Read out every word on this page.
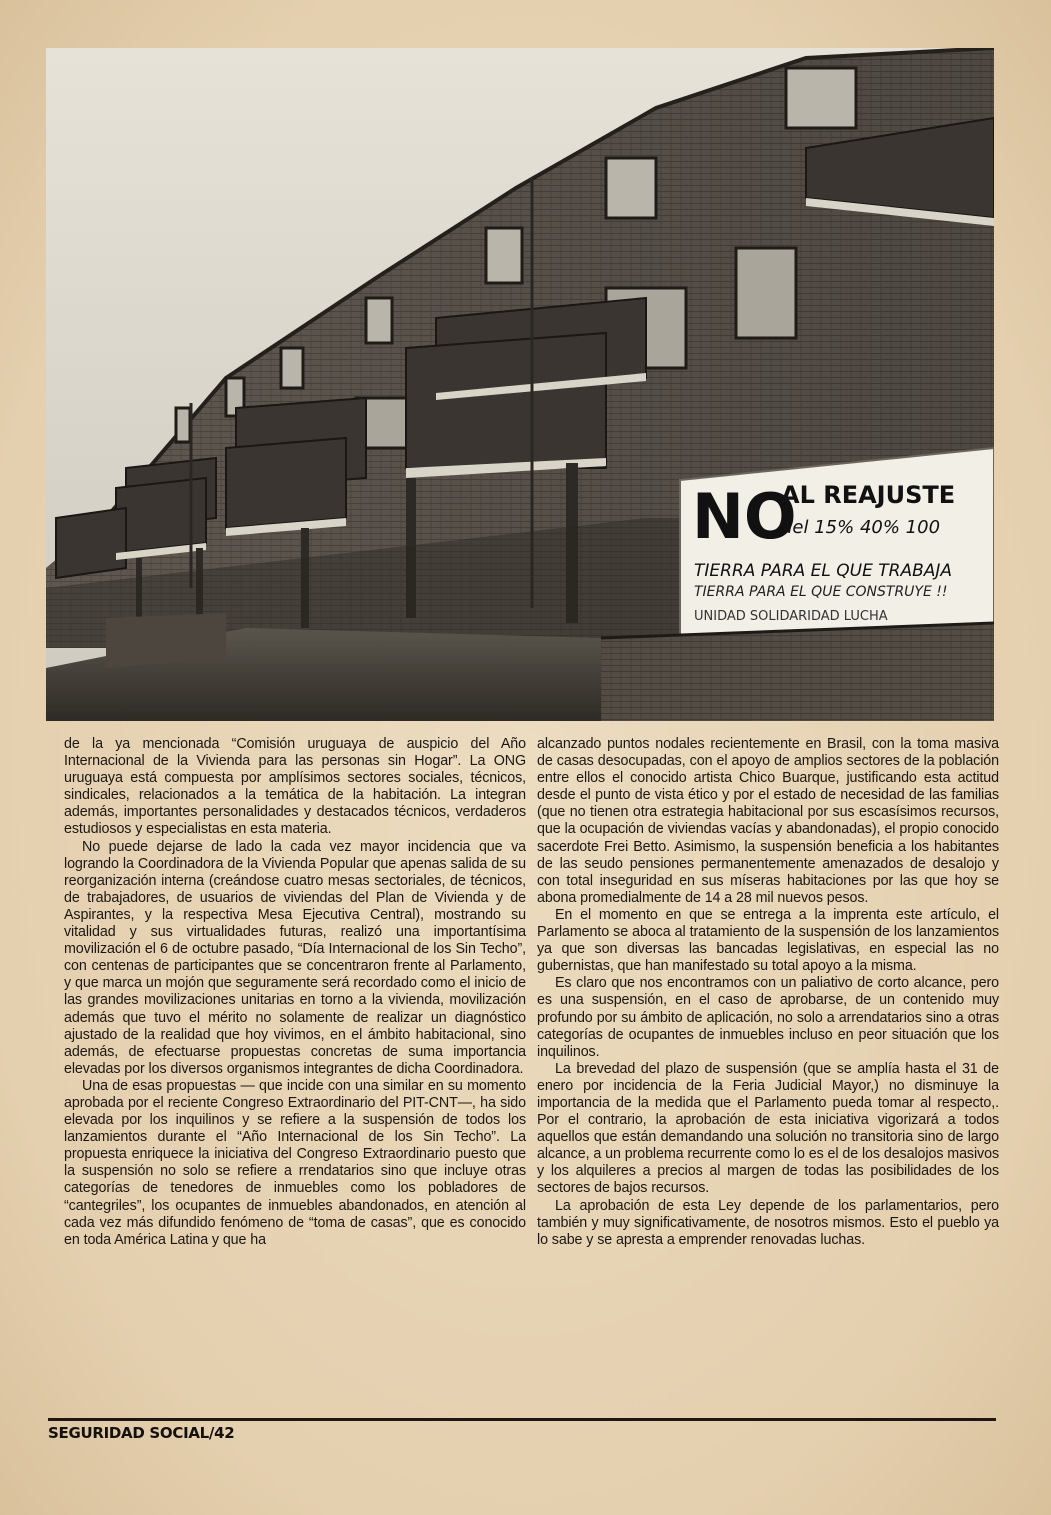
NO
AL REAJUSTE
del 15% 40% 100
TIERRA PARA EL QUE TRABAJA
TIERRA PARA EL QUE CONSTRUYE !!
UNIDAD SOLIDARIDAD LUCHA

de la ya mencionada “Comisión uruguaya de auspicio del Año Internacional de la Vivienda para las personas sin Hogar”. La ONG uruguaya está compuesta por amplísimos sectores sociales, técnicos, sindicales, relacionados a la temática de la habitación. La integran además, importantes personalidades y destacados técnicos, verdaderos estudiosos y especialistas en esta materia.

No puede dejarse de lado la cada vez mayor incidencia que va logrando la Coordinadora de la Vivienda Popular que apenas salida de su reorganización interna (creándose cuatro mesas sectoriales, de técnicos, de trabajadores, de usuarios de viviendas del Plan de Vivienda y de Aspirantes, y la respectiva Mesa Ejecutiva Central), mostrando su vitalidad y sus virtualidades futuras, realizó una importantísima movilización el 6 de octubre pasado, “Día Internacional de los Sin Techo”, con centenas de participantes que se concentraron frente al Parlamento, y que marca un mojón que seguramente será recordado como el inicio de las grandes movilizaciones unitarias en torno a la vivienda, movilización además que tuvo el mérito no solamente de realizar un diagnóstico ajustado de la realidad que hoy vivimos, en el ámbito habitacional, sino además, de efectuarse propuestas concretas de suma importancia elevadas por los diversos organismos integrantes de dicha Coordinadora.

Una de esas propuestas — que incide con una similar en su momento aprobada por el reciente Congreso Extraordinario del PIT-CNT—, ha sido elevada por los inquilinos y se refiere a la suspensión de todos los lanzamientos durante el “Año Internacional de los Sin Techo”. La propuesta enriquece la iniciativa del Congreso Extraordinario puesto que la suspensión no solo se refiere a rrendatarios sino que incluye otras categorías de tenedores de inmuebles como los pobladores de “cantegriles”, los ocupantes de inmuebles abandonados, en atención al cada vez más difundido fenómeno de “toma de casas”, que es conocido en toda América Latina y que ha

alcanzado puntos nodales recientemente en Brasil, con la toma masiva de casas desocupadas, con el apoyo de amplios sectores de la población entre ellos el conocido artista Chico Buarque, justificando esta actitud desde el punto de vista ético y por el estado de necesidad de las familias (que no tienen otra estrategia habitacional por sus escasísimos recursos, que la ocupación de viviendas vacías y abandonadas), el propio conocido sacerdote Frei Betto. Asimismo, la suspensión beneficia a los habitantes de las seudo pensiones permanentemente amenazados de desalojo y con total inseguridad en sus míseras habitaciones por las que hoy se abona promedialmente de 14 a 28 mil nuevos pesos.

En el momento en que se entrega a la imprenta este artículo, el Parlamento se aboca al tratamiento de la suspensión de los lanzamientos ya que son diversas las bancadas legislativas, en especial las no gubernistas, que han manifestado su total apoyo a la misma.

Es claro que nos encontramos con un paliativo de corto alcance, pero es una suspensión, en el caso de aprobarse, de un contenido muy profundo por su ámbito de aplicación, no solo a arrendatarios sino a otras categorías de ocupantes de inmuebles incluso en peor situación que los inquilinos.

La brevedad del plazo de suspensión (que se amplía hasta el 31 de enero por incidencia de la Feria Judicial Mayor,) no disminuye la importancia de la medida que el Parlamento pueda tomar al respecto,. Por el contrario, la aprobación de esta iniciativa vigorizará a todos aquellos que están demandando una solución no transitoria sino de largo alcance, a un problema recurrente como lo es el de los desalojos masivos y los alquileres a precios al margen de todas las posibilidades de los sectores de bajos recursos.

La aprobación de esta Ley depende de los parlamentarios, pero también y muy significativamente, de nosotros mismos. Esto el pueblo ya lo sabe y se apresta a emprender renovadas luchas.

SEGURIDAD SOCIAL/42
